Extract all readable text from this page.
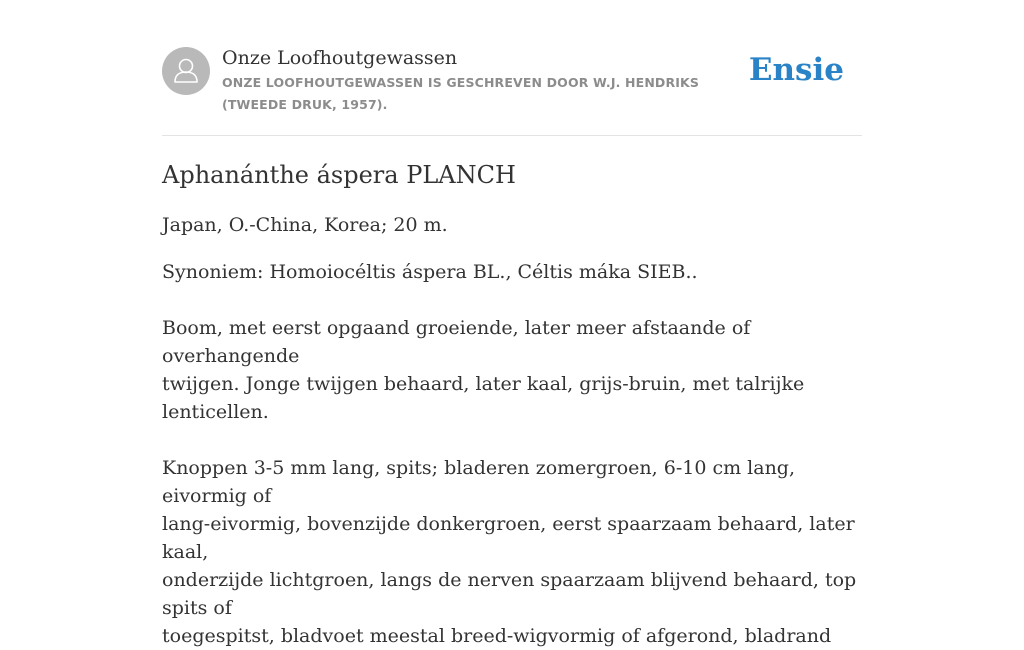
Onze Loofhoutgewassen
ONZE LOOFHOUTGEWASSEN IS GESCHREVEN DOOR W.J. HENDRIKS (TWEEDE DRUK, 1957).
Ensie
Aphanánthe áspera PLANCH

Japan, O.-China, Korea; 20 m.

Synoniem: Homoiocéltis áspera BL., Céltis máka SIEB..

Boom, met eerst opgaand groeiende, later meer afstaande of overhangende
twijgen. Jonge twijgen behaard, later kaal, grijs-bruin, met talrijke lenticellen.
Knoppen 3-5 mm lang, spits; bladeren zomergroen, 6-10 cm lang, eivormig of
lang-eivormig, bovenzijde donkergroen, eerst spaarzaam behaard, later kaal,
onderzijde lichtgroen, langs de nerven spaarzaam blijvend behaard, top spits of
toegespitst, bladvoet meestal breed-wigvormig of afgerond, bladrand
